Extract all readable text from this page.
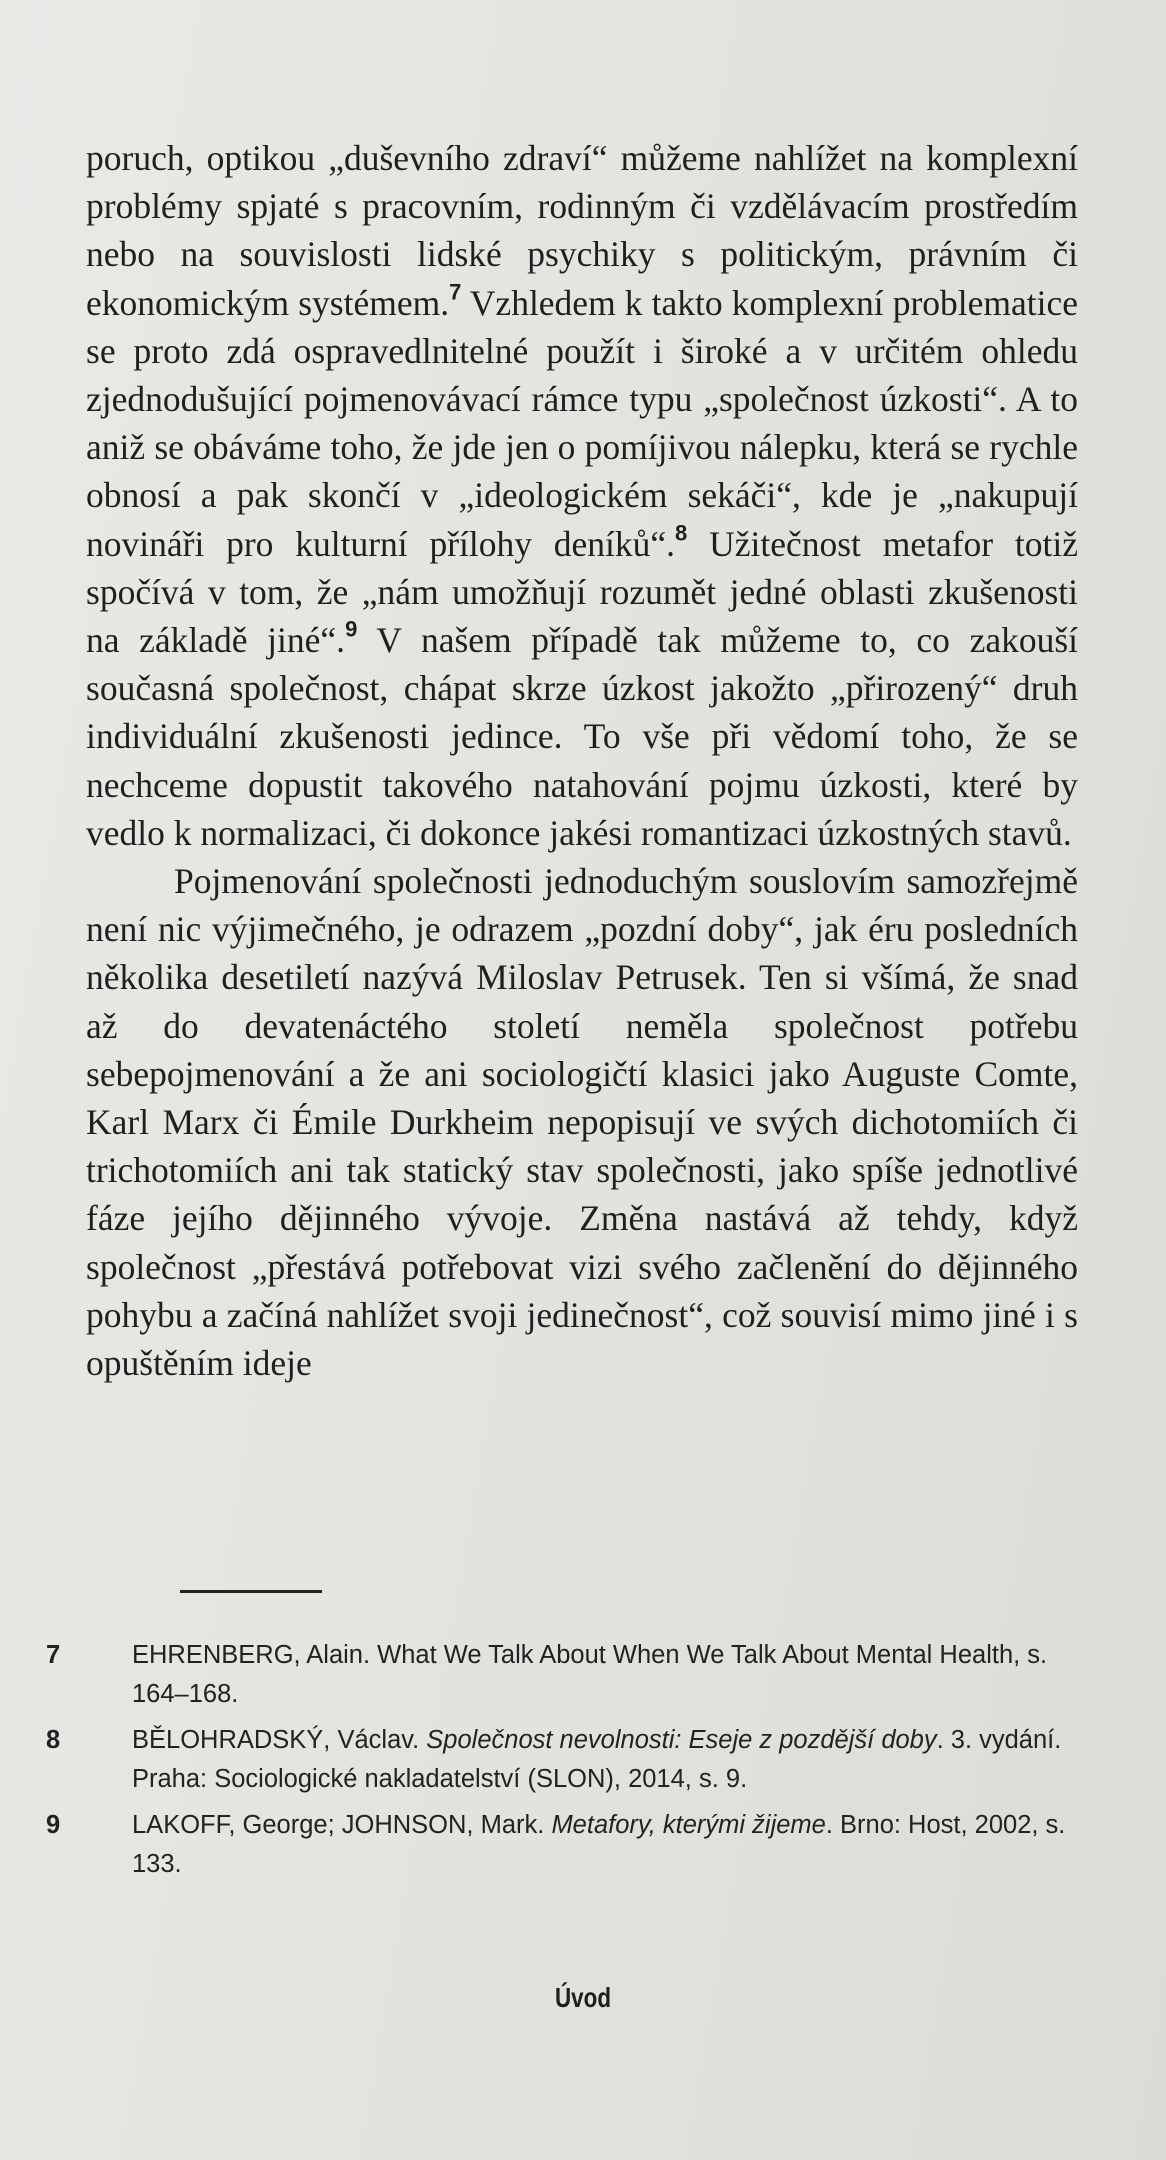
poruch, optikou „duševního zdraví“ můžeme nahlížet na komplexní problémy spjaté s pracovním, rodinným či vzdělávacím prostředím nebo na souvislosti lidské psychiky s politickým, právním či ekonomickým systémem.$^7$ Vzhledem k takto komplexní problematice se proto zdá ospravedlnitelné použít i široké a v určitém ohledu zjednodušující pojmenovávací rámce typu „společnost úzkosti“. A to aniž se obáváme toho, že jde jen o pomíjivou nálepku, která se rychle obnosí a pak skončí v „ideologickém sekáči“, kde je „nakupují novináři pro kulturní přílohy deníků“.$^8$ Užitečnost metafor totiž spočívá v tom, že „nám umožňují rozumět jedné oblasti zkušenosti na základě jiné“.$^9$ V našem případě tak můžeme to, co zakouší současná společnost, chápat skrze úzkost jakožto „přirozený“ druh individuální zkušenosti jedince. To vše při vědomí toho, že se nechceme dopustit takového natahování pojmu úzkosti, které by vedlo k normalizaci, či dokonce jakési romantizaci úzkostných stavů.

Pojmenování společnosti jednoduchým souslovím samozřejmě není nic výjimečného, je odrazem „pozdní doby“, jak éru posledních několika desetiletí nazývá Miloslav Petrusek. Ten si všímá, že snad až do devatenáctého století neměla společnost potřebu sebepojmenování a že ani sociologičtí klasici jako Auguste Comte, Karl Marx či Émile Durkheim nepopisují ve svých dichotomiích či trichotomiích ani tak statický stav společnosti, jako spíše jednotlivé fáze jejího dějinného vývoje. Změna nastává až tehdy, když společnost „přestává potřebovat vizi svého začlenění do dějinného pohybu a začíná nahlížet svoji jedinečnost“, což souvisí mimo jiné i s opuštěním ideje

7	EHRENBERG, Alain. What We Talk About When We Talk About Mental Health, s. 164–168.
8	BĚLOHRADSKÝ, Václav. Společnost nevolnosti: Eseje z pozdější doby. 3. vydání. Praha: Sociologické nakladatelství (SLON), 2014, s. 9.
9	LAKOFF, George; JOHNSON, Mark. Metafory, kterými žijeme. Brno: Host, 2002, s. 133.
Úvod
